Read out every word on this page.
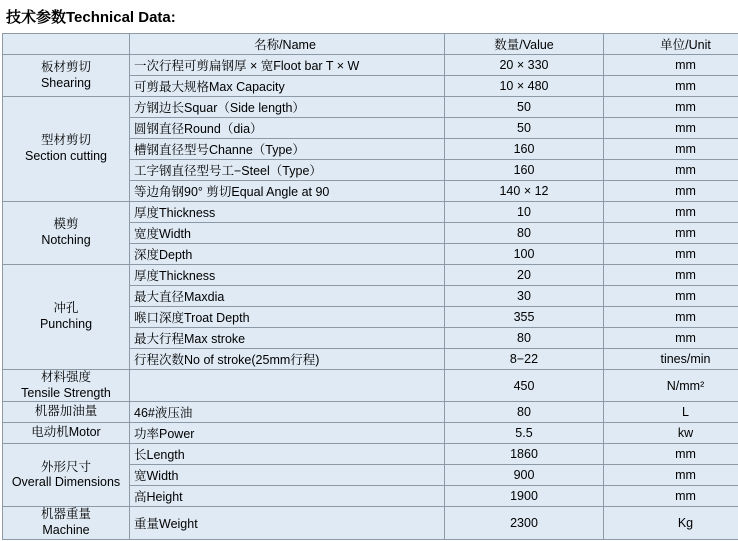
技术参数Technical Data:
	名称/Name	数量/Value	单位/Unit

板材剪切
Shearing	一次行程可剪扁钢厚 × 宽Floot bar T × W	20 × 330	mm
	可剪最大规格Max Capacity	10 × 480	mm

型材剪切
Section cutting	方钢边长Squar（Side length）	50	mm
	圆钢直径Round（dia）	50	mm
	槽钢直径型号Channe（Type）	160	mm
	工字钢直径型号工−Steel（Type）	160	mm
	等边角钢90° 剪切Equal Angle at 90	140 × 12	mm

模剪
Notching	厚度Thickness	10	mm
	宽度Width	80	mm
	深度Depth	100	mm

冲孔
Punching	厚度Thickness	20	mm
	最大直径Maxdia	30	mm
	喉口深度Troat Depth	355	mm
	最大行程Max stroke	80	mm
	行程次数No of stroke(25mm行程)	8−22	tines/min

材料强度
Tensile Strength		450	N/mm²

机器加油量	46#液压油	80	L

电动机Motor	功率Power	5.5	kw

外形尺寸
Overall Dimensions	长Length	1860	mm
	宽Width	900	mm
	高Height	1900	mm

机器重量
Machine	重量Weight	2300	Kg
